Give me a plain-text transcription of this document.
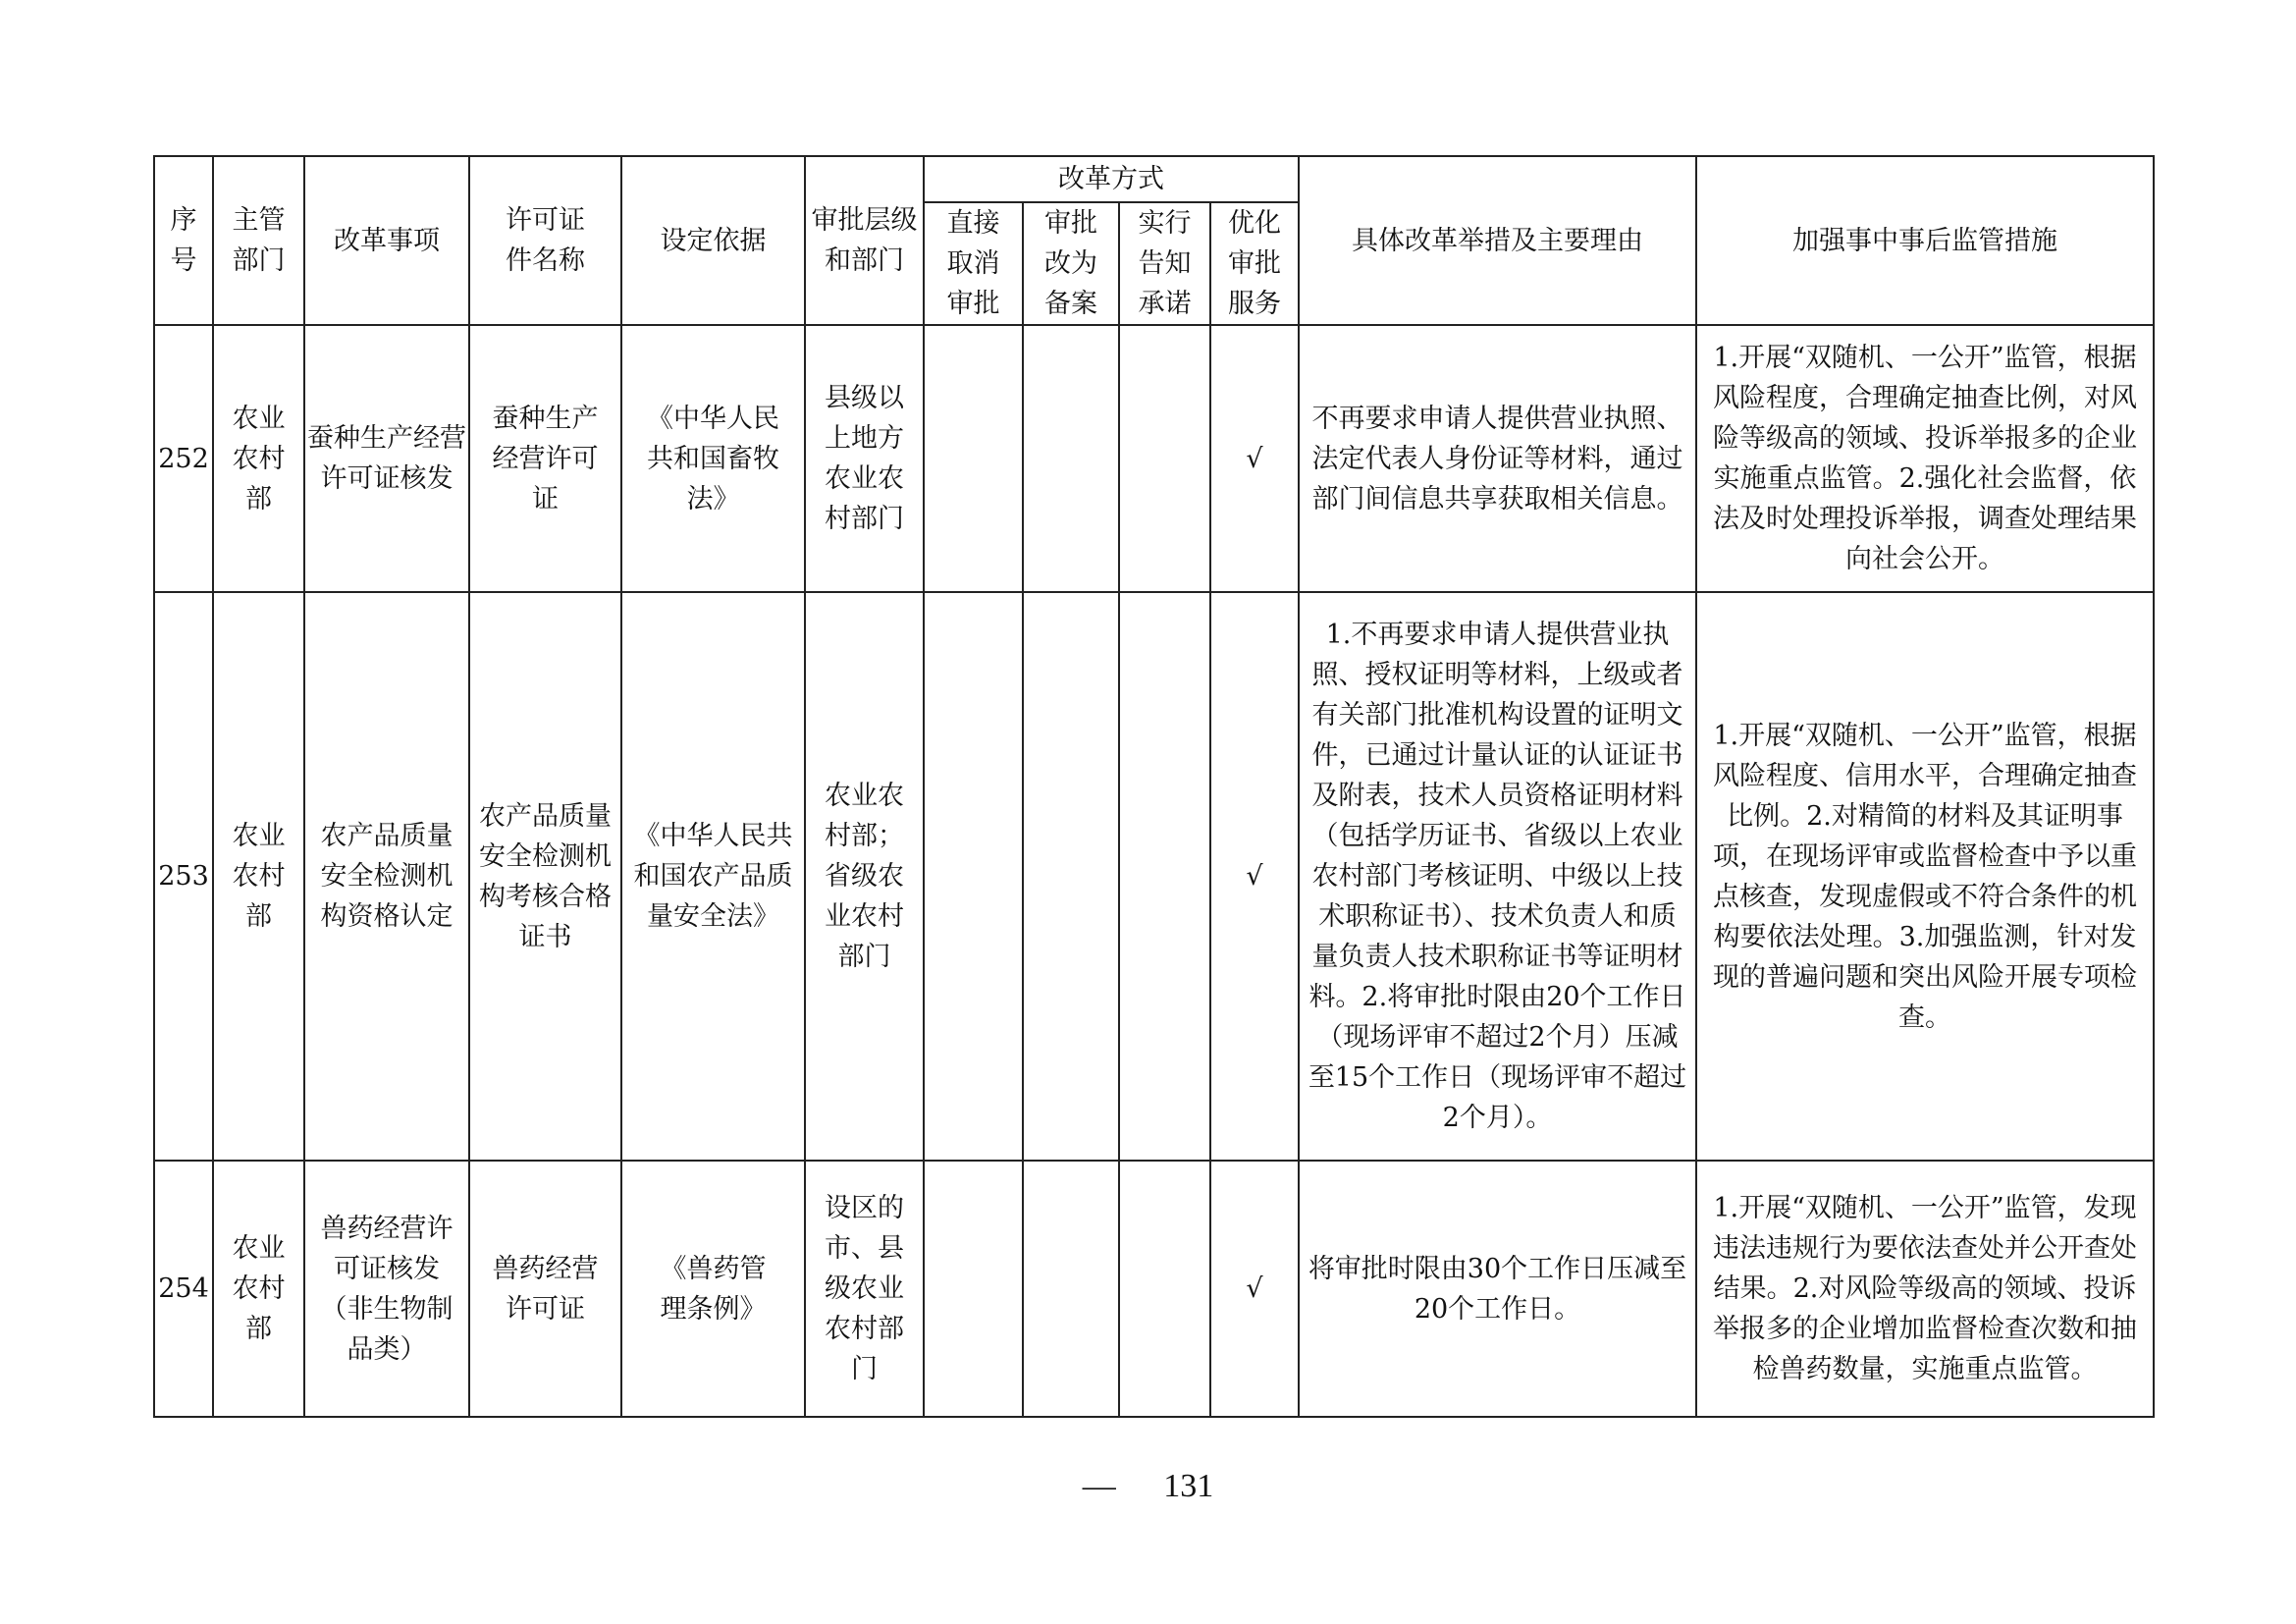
序号	主管部门	改革事项	许可证件名称	设定依据	审批层级和部门	改革方式				具体改革举措及主要理由	加强事中事后监管措施
						直接取消审批	审批改为备案	实行告知承诺	优化审批服务		
252	农业农村部	蚕种生产经营许可证核发	蚕种生产经营许可证	《中华人民共和国畜牧法》	县级以上地方农业农村部门				√	不再要求申请人提供营业执照、法定代表人身份证等材料，通过部门间信息共享获取相关信息。	1.开展“双随机、一公开”监管，根据风险程度，合理确定抽查比例，对风险等级高的领域、投诉举报多的企业实施重点监管。2.强化社会监督，依法及时处理投诉举报，调查处理结果向社会公开。
253	农业农村部	农产品质量安全检测机构资格认定	农产品质量安全检测机构考核合格证书	《中华人民共和国农产品质量安全法》	农业农村部；省级农业农村部门				√	1.不再要求申请人提供营业执照、授权证明等材料，上级或者有关部门批准机构设置的证明文件，已通过计量认证的认证证书及附表，技术人员资格证明材料（包括学历证书、省级以上农业农村部门考核证明、中级以上技术职称证书）、技术负责人和质量负责人技术职称证书等证明材料。2.将审批时限由20个工作日（现场评审不超过2个月）压减至15个工作日（现场评审不超过2个月）。	1.开展“双随机、一公开”监管，根据风险程度、信用水平，合理确定抽查比例。2.对精简的材料及其证明事项，在现场评审或监督检查中予以重点核查，发现虚假或不符合条件的机构要依法处理。3.加强监测，针对发现的普遍问题和突出风险开展专项检查。
254	农业农村部	兽药经营许可证核发（非生物制品类）	兽药经营许可证	《兽药管理条例》	设区的市、县级农业农村部门				√	将审批时限由30个工作日压减至20个工作日。	1.开展“双随机、一公开”监管，发现违法违规行为要依法查处并公开查处结果。2.对风险等级高的领域、投诉举报多的企业增加监督检查次数和抽检兽药数量，实施重点监管。
— 131
